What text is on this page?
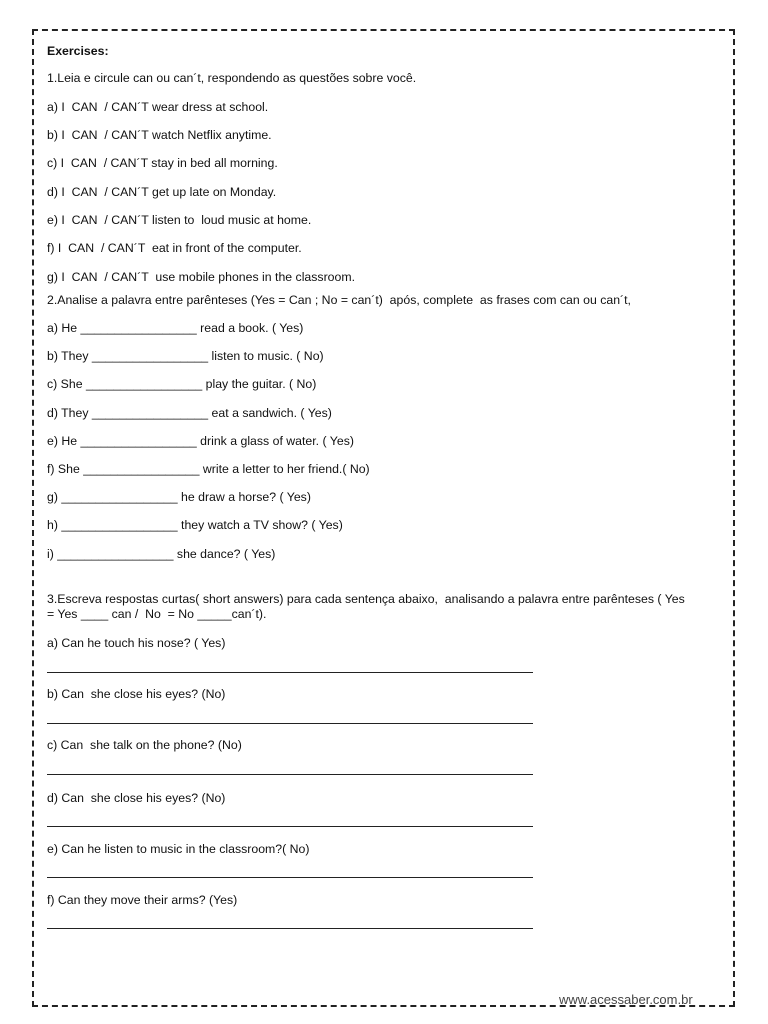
Exercises:
1.Leia e circule can ou can´t, respondendo as questões sobre você.
a) I  CAN  / CAN´T wear dress at school.
b) I  CAN  / CAN´T watch Netflix anytime.
c) I  CAN  / CAN´T stay in bed all morning.
d) I  CAN  / CAN´T get up late on Monday.
e) I  CAN  / CAN´T listen to  loud music at home.
f) I  CAN  / CAN´T  eat in front of the computer.
g) I  CAN  / CAN´T  use mobile phones in the classroom.
2.Analise a palavra entre parênteses (Yes = Can ; No = can´t)  após, complete  as frases com can ou can´t,
a) He _________________ read a book. ( Yes)
b) They _________________ listen to music. ( No)
c) She _________________ play the guitar. ( No)
d) They _________________ eat a sandwich. ( Yes)
e) He _________________ drink a glass of water. ( Yes)
f) She _________________ write a letter to her friend.( No)
g) _________________ he draw a horse? ( Yes)
h) _________________ they watch a TV show? ( Yes)
i) _________________ she dance? ( Yes)
3.Escreva respostas curtas( short answers) para cada sentença abaixo,  analisando a palavra entre parênteses ( Yes
= Yes ____ can /  No  = No _____can´t).
a) Can he touch his nose? ( Yes)
b) Can  she close his eyes? (No)
c) Can  she talk on the phone? (No)
d) Can  she close his eyes? (No)
e) Can he listen to music in the classroom?( No)
f) Can they move their arms? (Yes)
www.acessaber.com.br
